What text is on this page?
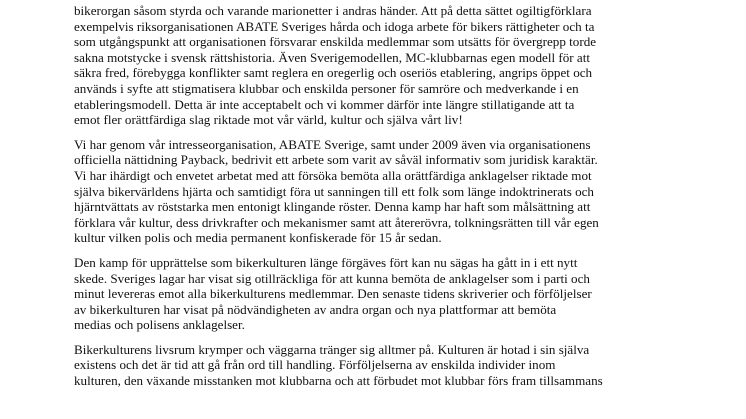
bikerorgan såsom styrda och varande marionetter i andras händer. Att på detta sättet ogiltigförklara
exempelvis riksorganisationen ABATE Sveriges hårda och idoga arbete för bikers rättigheter och ta
som utgångspunkt att organisationen försvarar enskilda medlemmar som utsätts för övergrepp torde
sakna motstycke i svensk rättshistoria. Även Sverigemodellen, MC-klubbarnas egen modell för att
säkra fred, förebygga konflikter samt reglera en oregerlig och oseriös etablering, angrips öppet och
används i syfte att stigmatisera klubbar och enskilda personer för samröre och medverkande i en
etableringsmodell. Detta är inte acceptabelt och vi kommer därför inte längre stillatigande att ta
emot fler orättfärdiga slag riktade mot vår värld, kultur och själva vårt liv!

Vi har genom vår intresseorganisation, ABATE Sverige, samt under 2009 även via organisationens
officiella nättidning Payback, bedrivit ett arbete som varit av såväl informativ som juridisk karaktär.
Vi har ihärdigt och envetet arbetat med att försöka bemöta alla orättfärdiga anklagelser riktade mot
själva bikervärldens hjärta och samtidigt föra ut sanningen till ett folk som länge indoktrinerats och
hjärntvättats av röststarka men entonigt klingande röster. Denna kamp har haft som målsättning att
förklara vår kultur, dess drivkrafter och mekanismer samt att återerövra, tolkningsrätten till vår egen
kultur vilken polis och media permanent konfiskerade för 15 år sedan.

Den kamp för upprättelse som bikerkulturen länge förgäves fört kan nu sägas ha gått in i ett nytt
skede. Sveriges lagar har visat sig otillräckliga för att kunna bemöta de anklagelser som i parti och
minut levereras emot alla bikerkulturens medlemmar. Den senaste tidens skriverier och förföljelser
av bikerkulturen har visat på nödvändigheten av andra organ och nya plattformar att bemöta
medias och polisens anklagelser.

Bikerkulturens livsrum krymper och väggarna tränger sig alltmer på. Kulturen är hotad i sin själva
existens och det är tid att gå från ord till handling. Förföljelserna av enskilda individer inom
kulturen, den växande misstanken mot klubbarna och att förbudet mot klubbar förs fram tillsammans
